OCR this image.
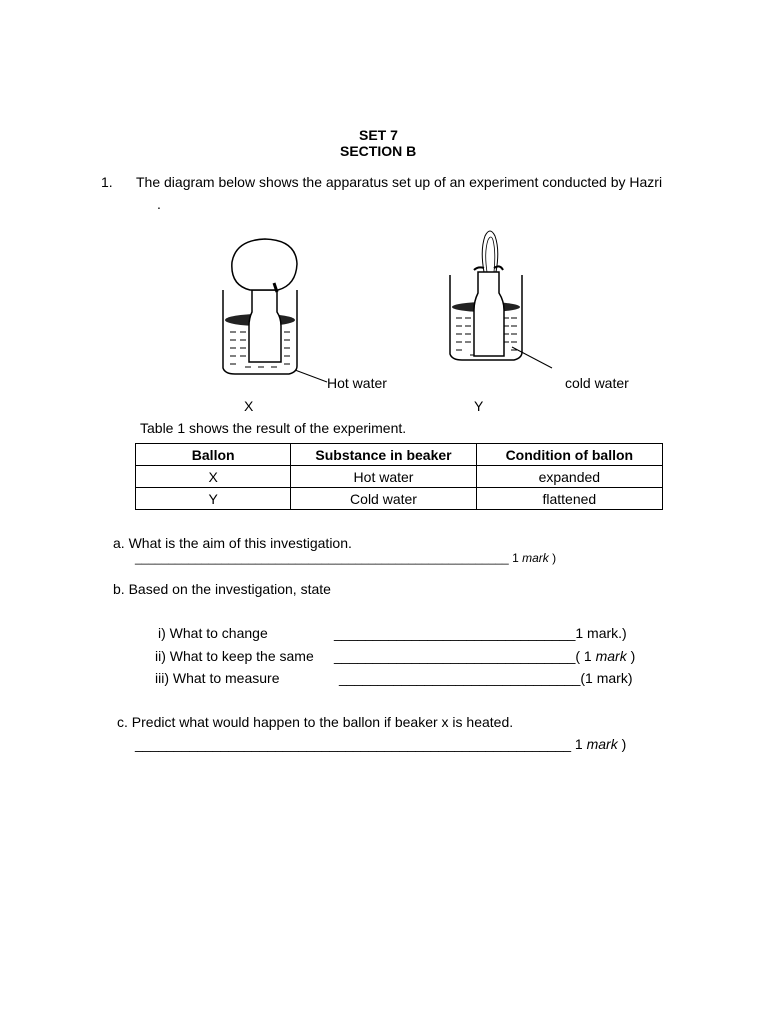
SET 7
SECTION B
1. The diagram below shows the apparatus set up of an experiment conducted by Hazri
.
Hot water	cold water
X	Y
Table 1 shows the result of the experiment.
Ballon	Substance in beaker	Condition of ballon
X	Hot water	expanded
Y	Cold water	flattened
a. What is the aim of this investigation.
________________________________________________________ 1 mark )
b. Based on the investigation, state
i) What to change	_______________________________1 mark.)
ii) What to keep the same _______________________________( 1 mark )
iii) What to measure	_______________________________(1 mark)
c. Predict what would happen to the ballon if beaker x is heated.
________________________________________________________ 1 mark )
